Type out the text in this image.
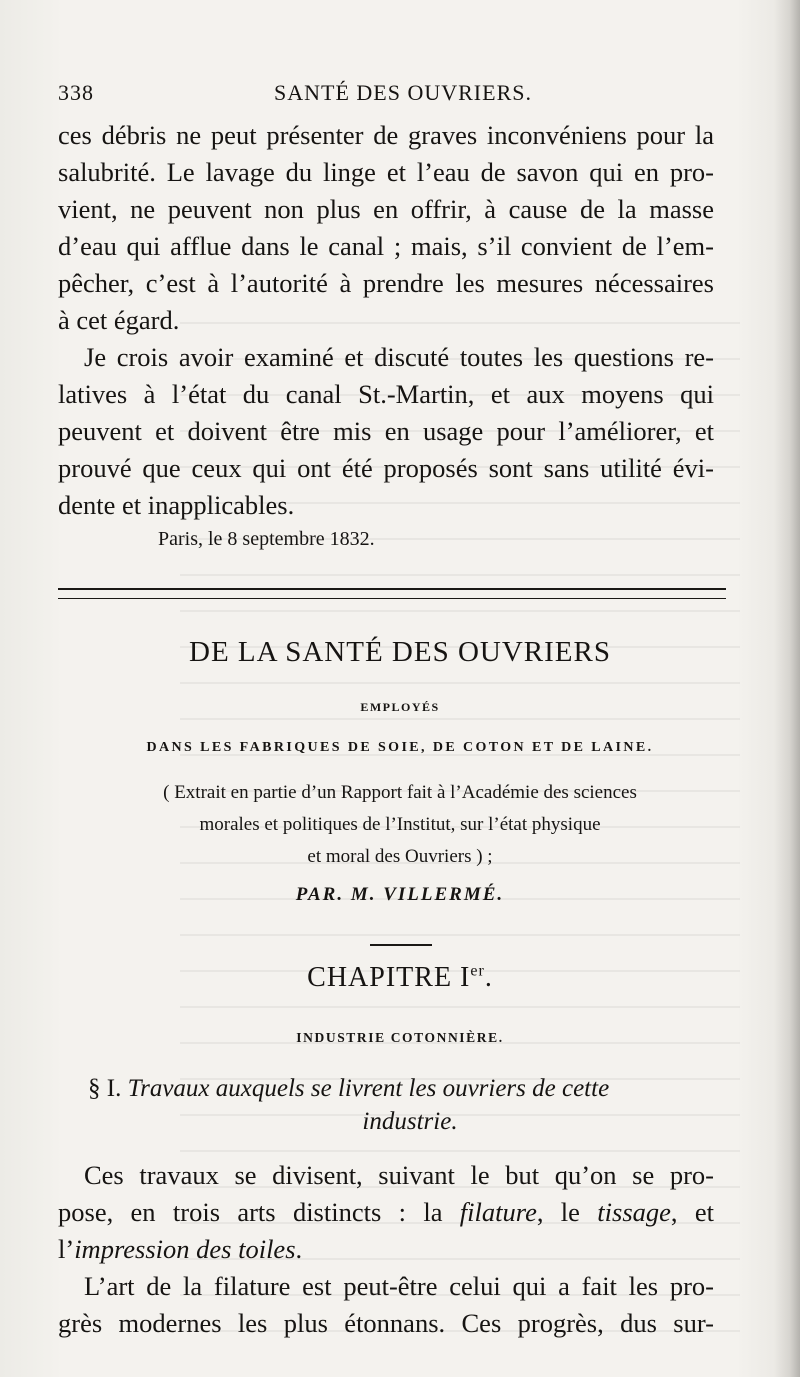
338	SANTÉ DES OUVRIERS.
ces débris ne peut présenter de graves inconvéniens pour la
salubrité. Le lavage du linge et l’eau de savon qui en pro-
vient, ne peuvent non plus en offrir, à cause de la masse
d’eau qui afflue dans le canal ; mais, s’il convient de l’em-
pêcher, c’est à l’autorité à prendre les mesures nécessaires
à cet égard.
Je crois avoir examiné et discuté toutes les questions re-
latives à l’état du canal St.-Martin, et aux moyens qui
peuvent et doivent être mis en usage pour l’améliorer, et
prouvé que ceux qui ont été proposés sont sans utilité évi-
dente et inapplicables.
Paris, le 8 septembre 1832.
DE LA SANTÉ DES OUVRIERS
EMPLOYÉS
DANS LES FABRIQUES DE SOIE, DE COTON ET DE LAINE.
( Extrait en partie d’un Rapport fait à l’Académie des sciences
morales et politiques de l’Institut, sur l’état physique
et moral des Ouvriers ) ;
PAR. M. VILLERMÉ.
CHAPITRE Ier.
INDUSTRIE COTONNIÈRE.
§ I. Travaux auxquels se livrent les ouvriers de cette
industrie.
Ces travaux se divisent, suivant le but qu’on se pro-
pose, en trois arts distincts : la filature, le tissage, et
l’impression des toiles.
L’art de la filature est peut-être celui qui a fait les pro-
grès modernes les plus étonnans. Ces progrès, dus sur-
